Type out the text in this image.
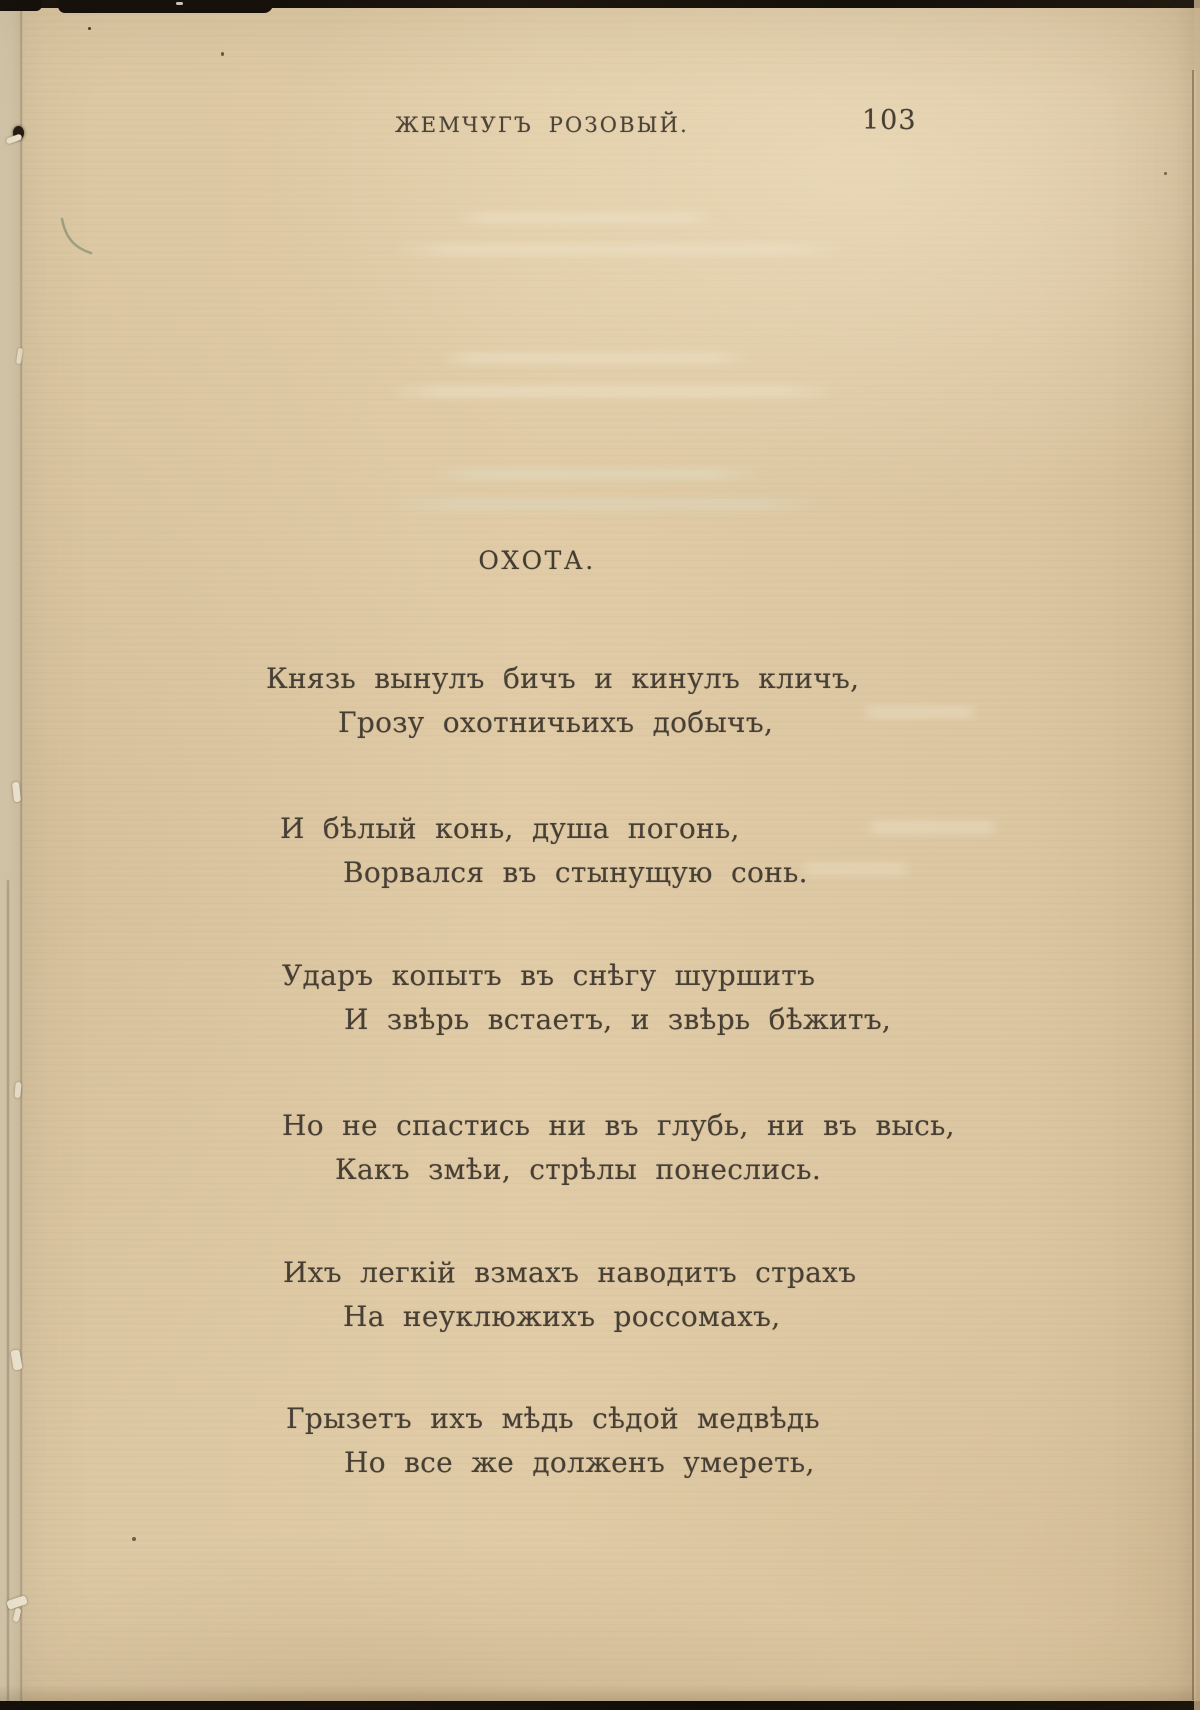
ЖЕМЧУГЪ РОЗОВЫЙ.	103
ОХОТА.
Князь вынулъ бичъ и кинулъ кличъ,
Грозу охотничьихъ добычъ,
И бѣлый конь, душа погонь,
Ворвался въ стынущую сонь.
Ударъ копытъ въ снѣгу шуршитъ
И звѣрь встаетъ, и звѣрь бѣжитъ,
Но не спастись ни въ глубь, ни въ высь,
Какъ змѣи, стрѣлы понеслись.
Ихъ легкій взмахъ наводитъ страхъ
На неуклюжихъ россомахъ,
Грызетъ ихъ мѣдь сѣдой медвѣдь
Но все же долженъ умереть,
